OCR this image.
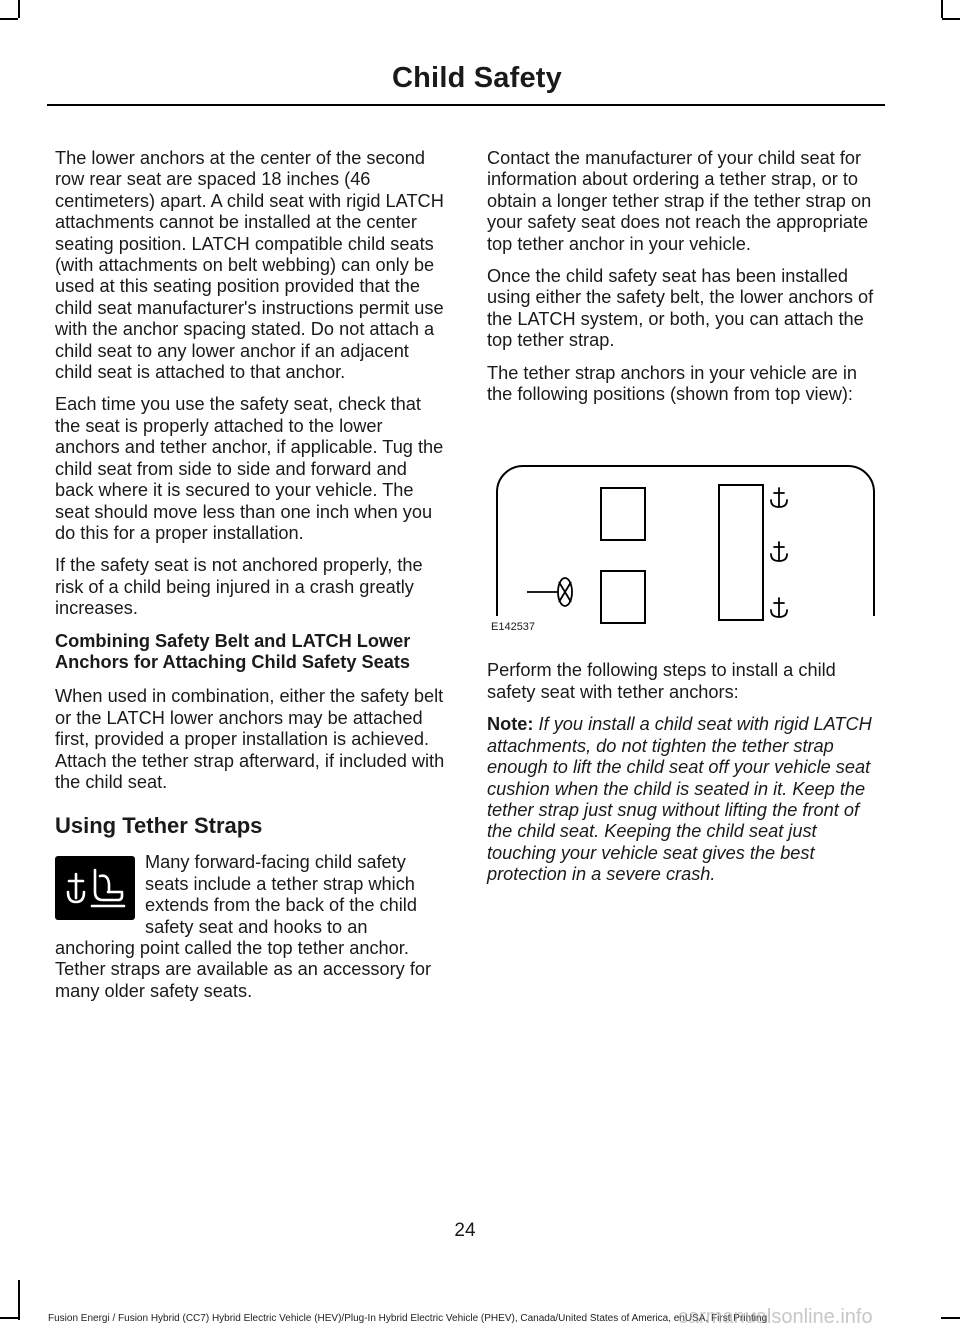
Child Safety

The lower anchors at the center of the second row rear seat are spaced 18 inches (46 centimeters) apart. A child seat with rigid LATCH attachments cannot be installed at the center seating position. LATCH compatible child seats (with attachments on belt webbing) can only be used at this seating position provided that the child seat manufacturer's instructions permit use with the anchor spacing stated. Do not attach a child seat to any lower anchor if an adjacent child seat is attached to that anchor.

Each time you use the safety seat, check that the seat is properly attached to the lower anchors and tether anchor, if applicable. Tug the child seat from side to side and forward and back where it is secured to your vehicle. The seat should move less than one inch when you do this for a proper installation.

If the safety seat is not anchored properly, the risk of a child being injured in a crash greatly increases.

Combining Safety Belt and LATCH Lower Anchors for Attaching Child Safety Seats

When used in combination, either the safety belt or the LATCH lower anchors may be attached first, provided a proper installation is achieved. Attach the tether strap afterward, if included with the child seat.

Using Tether Straps

Many forward-facing child safety seats include a tether strap which extends from the back of the child safety seat and hooks to an anchoring point called the top tether anchor. Tether straps are available as an accessory for many older safety seats.

Contact the manufacturer of your child seat for information about ordering a tether strap, or to obtain a longer tether strap if the tether strap on your safety seat does not reach the appropriate top tether anchor in your vehicle.

Once the child safety seat has been installed using either the safety belt, the lower anchors of the LATCH system, or both, you can attach the top tether strap.

The tether strap anchors in your vehicle are in the following positions (shown from top view):

E142537

Perform the following steps to install a child safety seat with tether anchors:

Note: If you install a child seat with rigid LATCH attachments, do not tighten the tether strap enough to lift the child seat off your vehicle seat cushion when the child is seated in it. Keep the tether strap just snug without lifting the front of the child seat. Keeping the child seat just touching your vehicle seat gives the best protection in a severe crash.

24
Fusion Energi / Fusion Hybrid (CC7) Hybrid Electric Vehicle (HEV)/Plug-In Hybrid Electric Vehicle (PHEV), Canada/United States of America, enUSA, First Printing
carmanualsonline.info
